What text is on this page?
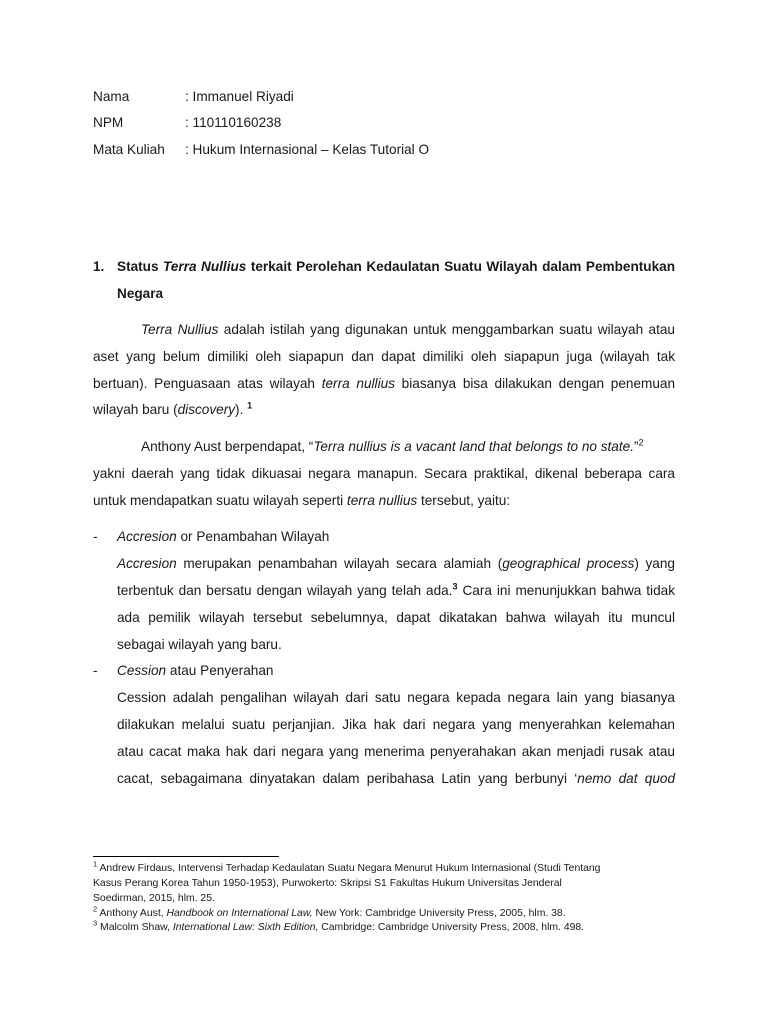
Nama	: Immanuel Riyadi
NPM	: 110110160238
Mata Kuliah : Hukum Internasional – Kelas Tutorial O
1. Status Terra Nullius terkait Perolehan Kedaulatan Suatu Wilayah dalam Pembentukan
Negara
Terra Nullius adalah istilah yang digunakan untuk menggambarkan suatu wilayah atau
aset yang belum dimiliki oleh siapapun dan dapat dimiliki oleh siapapun juga (wilayah tak
bertuan). Penguasaan atas wilayah terra nullius biasanya bisa dilakukan dengan penemuan
wilayah baru (discovery). $^1$
Anthony Aust berpendapat, “Terra nullius is a vacant land that belongs to no state.”$^2$
yakni daerah yang tidak dikuasai negara manapun. Secara praktikal, dikenal beberapa cara
untuk mendapatkan suatu wilayah seperti terra nullius tersebut, yaitu:
- Accresion or Penambahan Wilayah
Accresion merupakan penambahan wilayah secara alamiah (geographical process) yang
terbentuk dan bersatu dengan wilayah yang telah ada.$^3$ Cara ini menunjukkan bahwa tidak
ada pemilik wilayah tersebut sebelumnya, dapat dikatakan bahwa wilayah itu muncul
sebagai wilayah yang baru.
- Cession atau Penyerahan
Cession adalah pengalihan wilayah dari satu negara kepada negara lain yang biasanya
dilakukan melalui suatu perjanjian. Jika hak dari negara yang menyerahkan kelemahan
atau cacat maka hak dari negara yang menerima penyerahakan akan menjadi rusak atau
cacat, sebagaimana dinyatakan dalam peribahasa Latin yang berbunyi ‘nemo dat quod
$^1$ Andrew Firdaus, Intervensi Terhadap Kedaulatan Suatu Negara Menurut Hukum Internasional (Studi Tentang
Kasus Perang Korea Tahun 1950-1953), Purwokerto: Skripsi S1 Fakultas Hukum Universitas Jenderal
Soedirman, 2015, hlm. 25.
$^2$ Anthony Aust, Handbook on International Law, New York: Cambridge University Press, 2005, hlm. 38.
$^3$ Malcolm Shaw, International Law: Sixth Edition, Cambridge: Cambridge University Press, 2008, hlm. 498.
